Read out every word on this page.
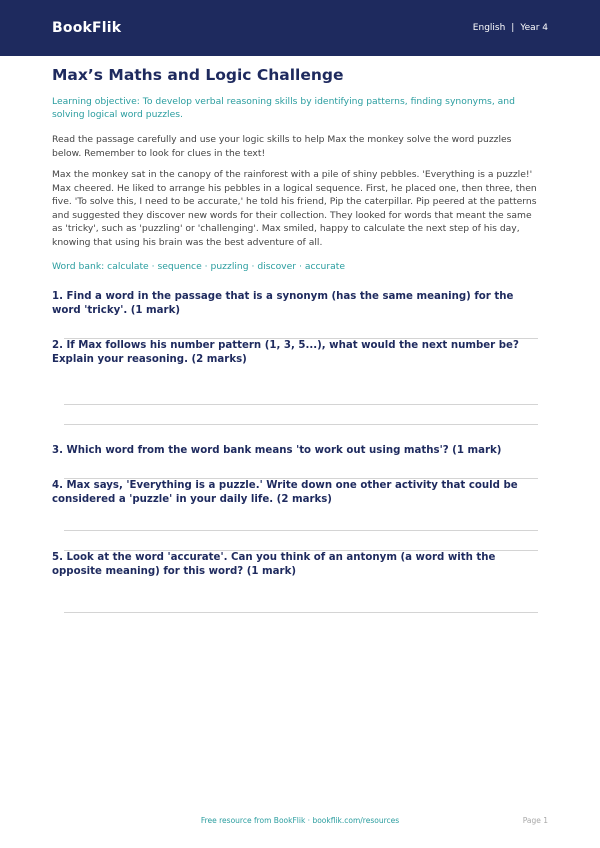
BookFlik	English | Year 4
Max’s Maths and Logic Challenge

Learning objective: To develop verbal reasoning skills by identifying patterns, finding synonyms, and solving logical word puzzles.

Read the passage carefully and use your logic skills to help Max the monkey solve the word puzzles below. Remember to look for clues in the text!

Max the monkey sat in the canopy of the rainforest with a pile of shiny pebbles. 'Everything is a puzzle!' Max cheered. He liked to arrange his pebbles in a logical sequence. First, he placed one, then three, then five. 'To solve this, I need to be accurate,' he told his friend, Pip the caterpillar. Pip peered at the patterns and suggested they discover new words for their collection. They looked for words that meant the same as 'tricky', such as 'puzzling' or 'challenging'. Max smiled, happy to calculate the next step of his day, knowing that using his brain was the best adventure of all.

Word bank: calculate · sequence · puzzling · discover · accurate

1. Find a word in the passage that is a synonym (has the same meaning) for the word 'tricky'. (1 mark)

2. If Max follows his number pattern (1, 3, 5...), what would the next number be? Explain your reasoning. (2 marks)

3. Which word from the word bank means 'to work out using maths'? (1 mark)

4. Max says, 'Everything is a puzzle.' Write down one other activity that could be considered a 'puzzle' in your daily life. (2 marks)

5. Look at the word 'accurate'. Can you think of an antonym (a word with the opposite meaning) for this word? (1 mark)

Free resource from BookFlik · bookflik.com/resources	Page 1
